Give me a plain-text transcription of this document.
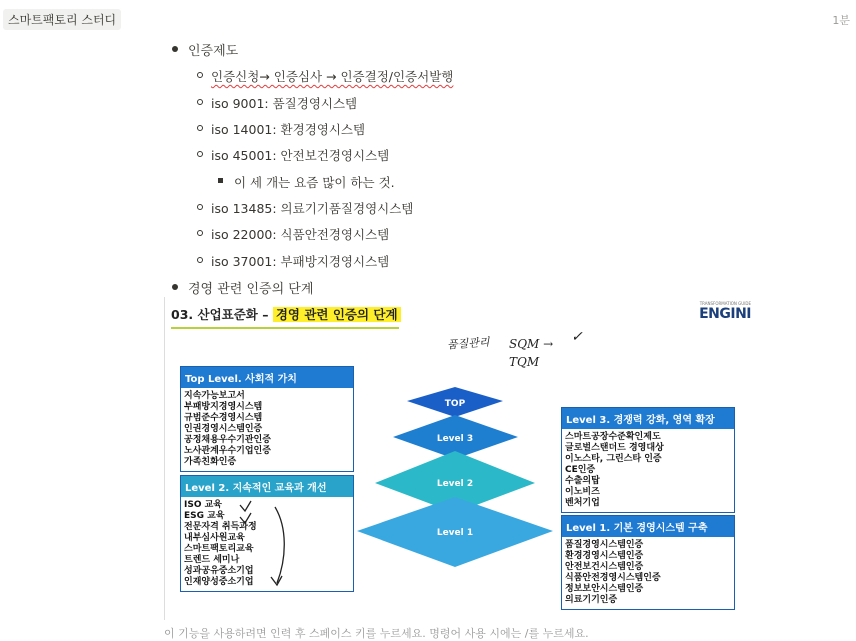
스마트팩토리 스터디	1분
인증제도
인증신청→ 인증심사 → 인증결정/인증서발행
iso 9001: 품질경영시스템
iso 14001: 환경경영시스템
iso 45001: 안전보건경영시스템
이 세 개는 요즘 많이 하는 것.
iso 13485: 의료기기품질경영시스템
iso 22000: 식품안전경영시스템
iso 37001: 부패방지경영시스템
경영 관련 인증의 단계
03. 산업표준화 – 경영 관련 인증의 단계
TRANSFORMATION GUIDE
ENGINI
품질관리 SQM → ✓
TQM
TOP
Level 3
Level 2
Level 1
Top Level. 사회적 가치
지속가능보고서
부패방지경영시스템
규범준수경영시스템
인권경영시스템인증
공정채용우수기관인증
노사관계우수기업인증
가족친화인증
Level 2. 지속적인 교육과 개선
ISO 교육
ESG 교육
전문자격 취득과정
내부심사원교육
스마트팩토리교육
트렌드 세미나
성과공유중소기업
인재양성중소기업
Level 3. 경쟁력 강화, 영역 확장
스마트공장수준확인제도
글로벌스탠더드 경영대상
이노스타, 그린스타 인증
CE인증
수출의탑
이노비즈
벤처기업
Level 1. 기본 경영시스템 구축
품질경영시스템인증
환경경영시스템인증
안전보건시스템인증
식품안전경영시스템인증
정보보안시스템인증
의료기기인증
이 기능을 사용하려면 인력 후 스페이스 키를 누르세요. 명령어 사용 시에는 /를 누르세요.
